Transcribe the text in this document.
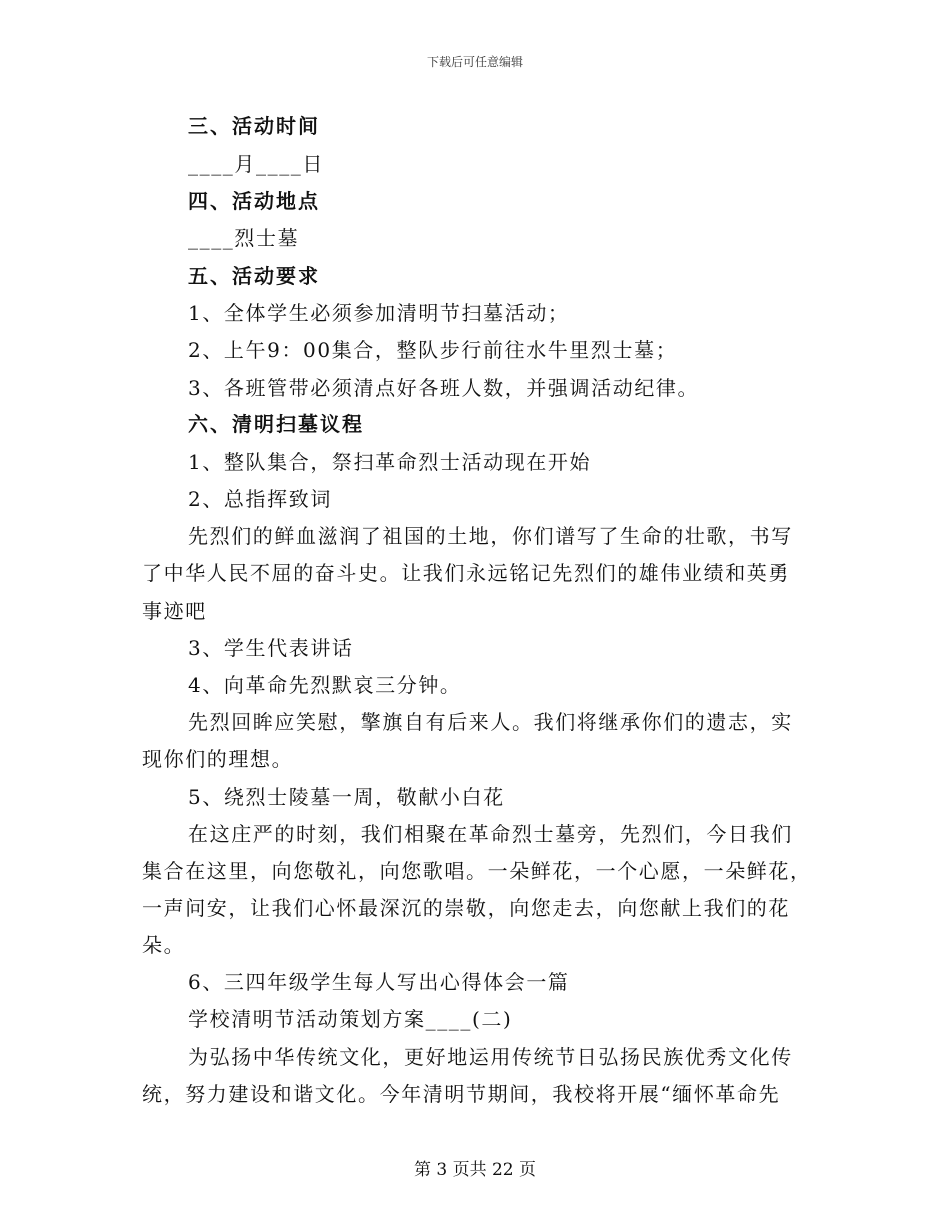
下载后可任意编辑
三、活动时间
____月____日
四、活动地点
____烈士墓
五、活动要求
1、全体学生必须参加清明节扫墓活动；
2、上午9：00集合，整队步行前往水牛里烈士墓；
3、各班管带必须清点好各班人数，并强调活动纪律。
六、清明扫墓议程
1、整队集合，祭扫革命烈士活动现在开始
2、总指挥致词
先烈们的鲜血滋润了祖国的土地，你们谱写了生命的壮歌，书写
了中华人民不屈的奋斗史。让我们永远铭记先烈们的雄伟业绩和英勇
事迹吧
3、学生代表讲话
4、向革命先烈默哀三分钟。
先烈回眸应笑慰，擎旗自有后来人。我们将继承你们的遗志，实
现你们的理想。
5、绕烈士陵墓一周，敬献小白花
在这庄严的时刻，我们相聚在革命烈士墓旁，先烈们，今日我们
集合在这里，向您敬礼，向您歌唱。一朵鲜花，一个心愿，一朵鲜花，
一声问安，让我们心怀最深沉的崇敬，向您走去，向您献上我们的花
朵。
6、三四年级学生每人写出心得体会一篇
学校清明节活动策划方案____(二)
为弘扬中华传统文化，更好地运用传统节日弘扬民族优秀文化传
统，努力建设和谐文化。今年清明节期间，我校将开展“缅怀革命先
第 3 页共 22 页
